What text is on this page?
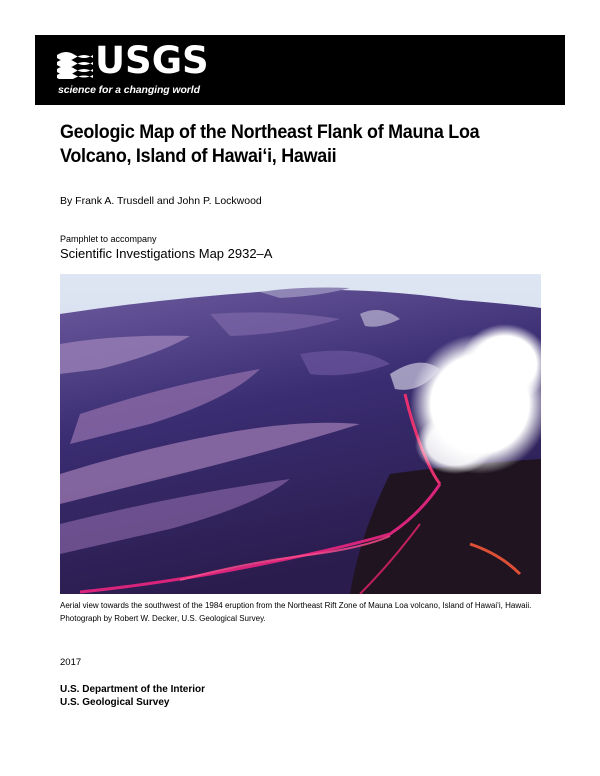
USGS
science for a changing world
Geologic Map of the Northeast Flank of Mauna Loa
Volcano, Island of Hawai‘i, Hawaii
By Frank A. Trusdell and John P. Lockwood
Pamphlet to accompany
Scientific Investigations Map 2932–A
Aerial view towards the southwest of the 1984 eruption from the Northeast Rift Zone of Mauna Loa volcano, Island of Hawai‘i, Hawaii. Photograph by Robert W. Decker, U.S. Geological Survey.
2017
U.S. Department of the Interior
U.S. Geological Survey
